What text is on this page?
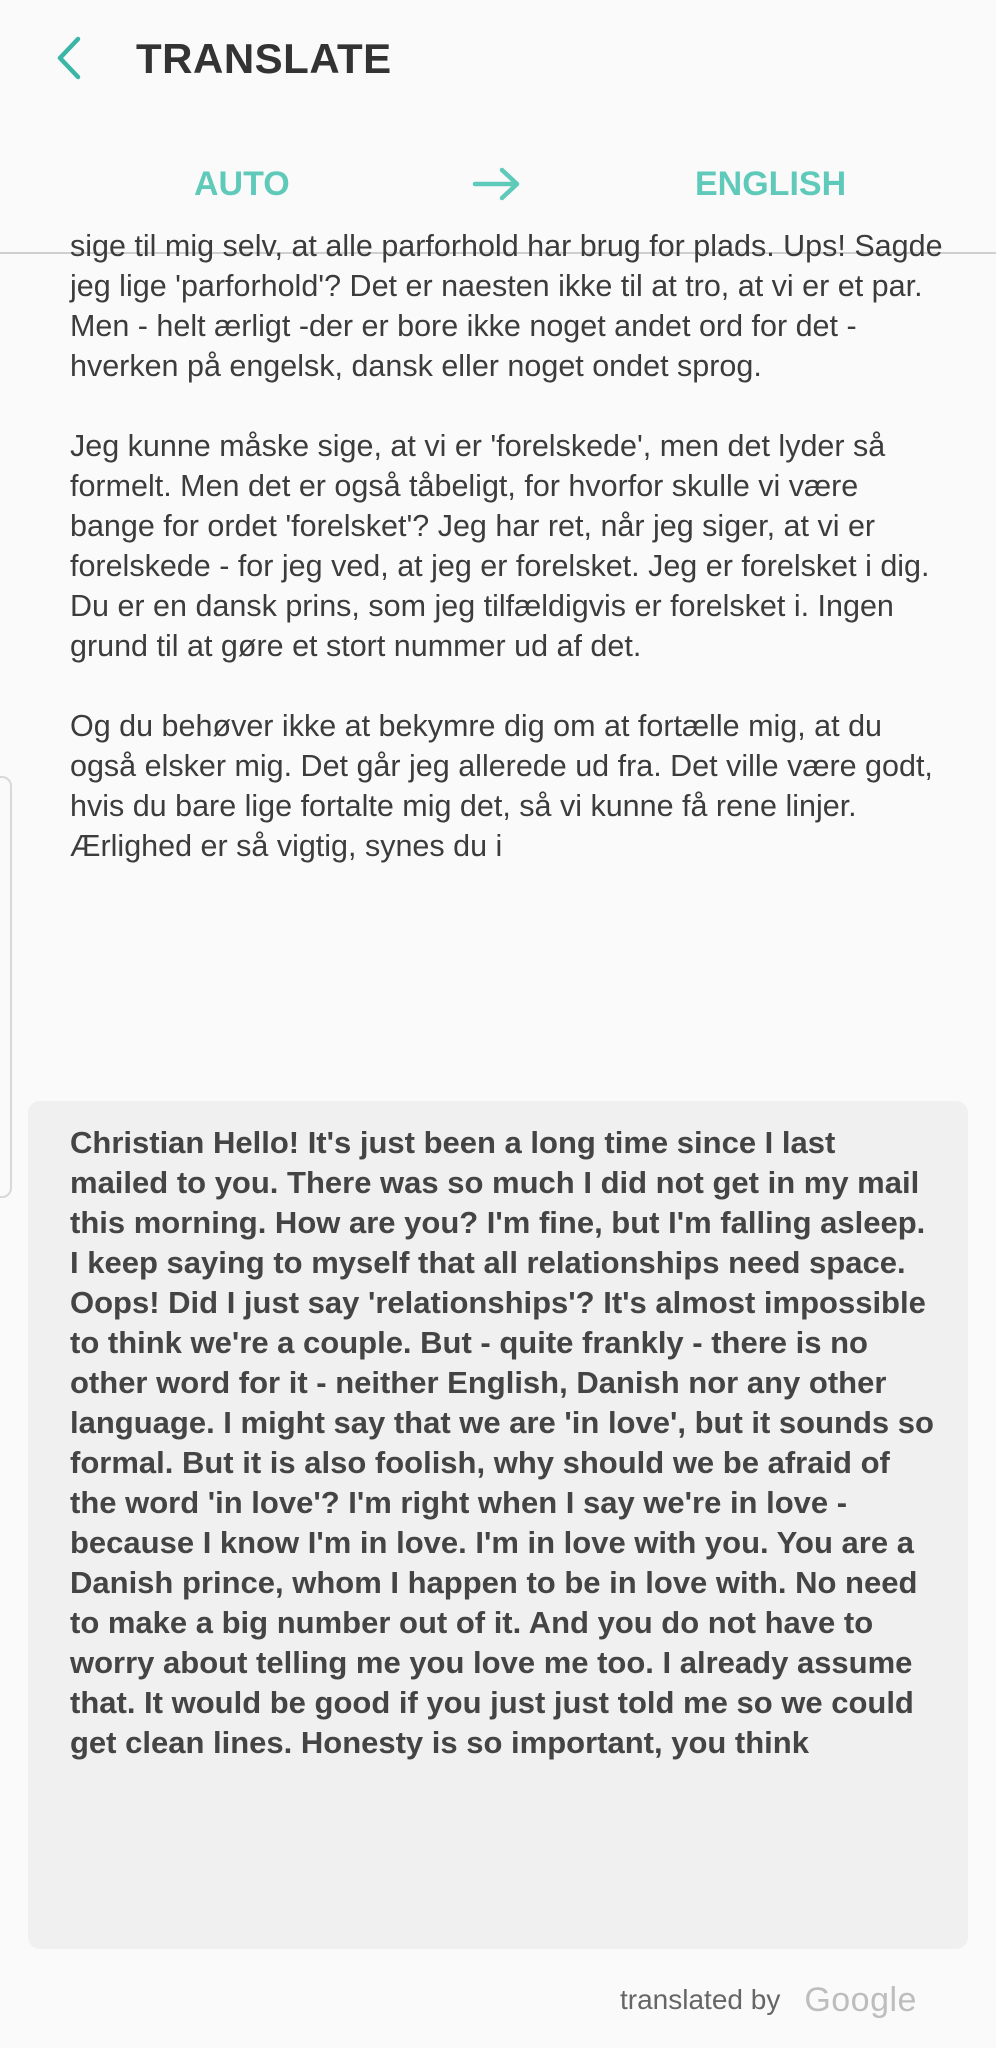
TRANSLATE
AUTO	ENGLISH

sige til mig selv, at alle parforhold har brug for plads. Ups! Sagde jeg lige 'parforhold'? Det er naesten ikke til at tro, at vi er et par. Men - helt ærligt -der er bore ikke noget andet ord for det - hverken på engelsk, dansk eller noget ondet sprog.

Jeg kunne måske sige, at vi er 'forelskede', men det lyder så formelt. Men det er også tåbeligt, for hvorfor skulle vi være bange for ordet 'forelsket'? Jeg har ret, når jeg siger, at vi er forelskede - for jeg ved, at jeg er forelsket. Jeg er forelsket i dig. Du er en dansk prins, som jeg tilfældigvis er forelsket i. Ingen grund til at gøre et stort nummer ud af det.

Og du behøver ikke at bekymre dig om at fortælle mig, at du også elsker mig. Det går jeg allerede ud fra. Det ville være godt, hvis du bare lige fortalte mig det, så vi kunne få rene linjer. Ærlighed er så vigtig, synes du i

Christian Hello! It's just been a long time since I last mailed to you. There was so much I did not get in my mail this morning. How are you? I'm fine, but I'm falling asleep. I keep saying to myself that all relationships need space. Oops! Did I just say 'relationships'? It's almost impossible to think we're a couple. But - quite frankly - there is no other word for it - neither English, Danish nor any other language. I might say that we are 'in love', but it sounds so formal. But it is also foolish, why should we be afraid of the word 'in love'? I'm right when I say we're in love - because I know I'm in love. I'm in love with you. You are a Danish prince, whom I happen to be in love with. No need to make a big number out of it. And you do not have to worry about telling me you love me too. I already assume that. It would be good if you just just told me so we could get clean lines. Honesty is so important, you think

translated by Google
